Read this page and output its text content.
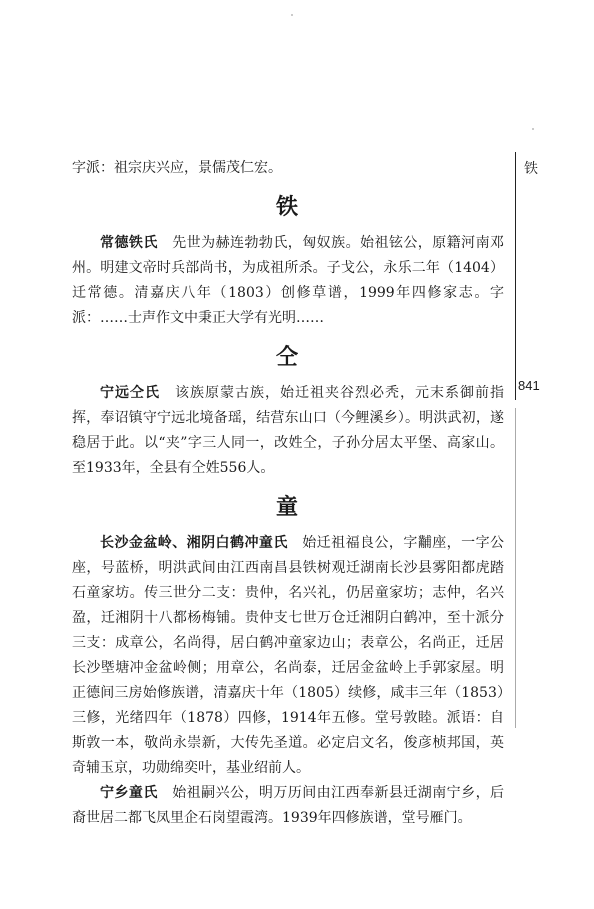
铁
841

字派：祖宗庆兴应，景儒茂仁宏。

铁

常德铁氏　 先世为赫连勃勃氏，匈奴族。始祖铉公，原籍河南邓州。明建文帝时兵部尚书，为成祖所杀。子戈公，永乐二年（1404）迁常德。清嘉庆八年（1803）创修草谱，1999年四修家志。字派：……士声作文中秉正大学有光明……

仝

宁远仝氏　 该族原蒙古族，始迁祖夹谷烈必秃，元末系御前指挥，奉诏镇守宁远北境备瑶，结营东山口（今鲤溪乡）。明洪武初，遂稳居于此。以“夹”字三人同一，改姓仝，子孙分居太平堡、高家山。至1933年，全县有仝姓556人。

童

长沙金盆岭、湘阴白鹤冲童氏　 始迁祖福良公，字黼座，一字公座，号蓝桥，明洪武间由江西南昌县铁树观迁湖南长沙县雾阳都虎踏石童家坊。传三世分二支：贵仲，名兴礼，仍居童家坊；志仲，名兴盈，迁湘阴十八都杨梅铺。贵仲支七世万仓迁湘阴白鹤冲，至十派分三支：成章公，名尚得，居白鹤冲童家边山；表章公，名尚正，迁居长沙塈塘冲金盆岭侧；用章公，名尚泰，迁居金盆岭上手郭家屋。明正德间三房始修族谱，清嘉庆十年（1805）续修，咸丰三年（1853）三修，光绪四年（1878）四修，1914年五修。堂号敦睦。派语：自斯敦一本，敬尚永崇新，大传先圣道。必定启文名，俊彦桢邦国，英奇辅玉京，功勋绵奕叶，基业绍前人。

宁乡童氏　 始祖嗣兴公，明万历间由江西奉新县迁湖南宁乡，后裔世居二都飞凤里企石岗望霞湾。1939年四修族谱，堂号雁门。
